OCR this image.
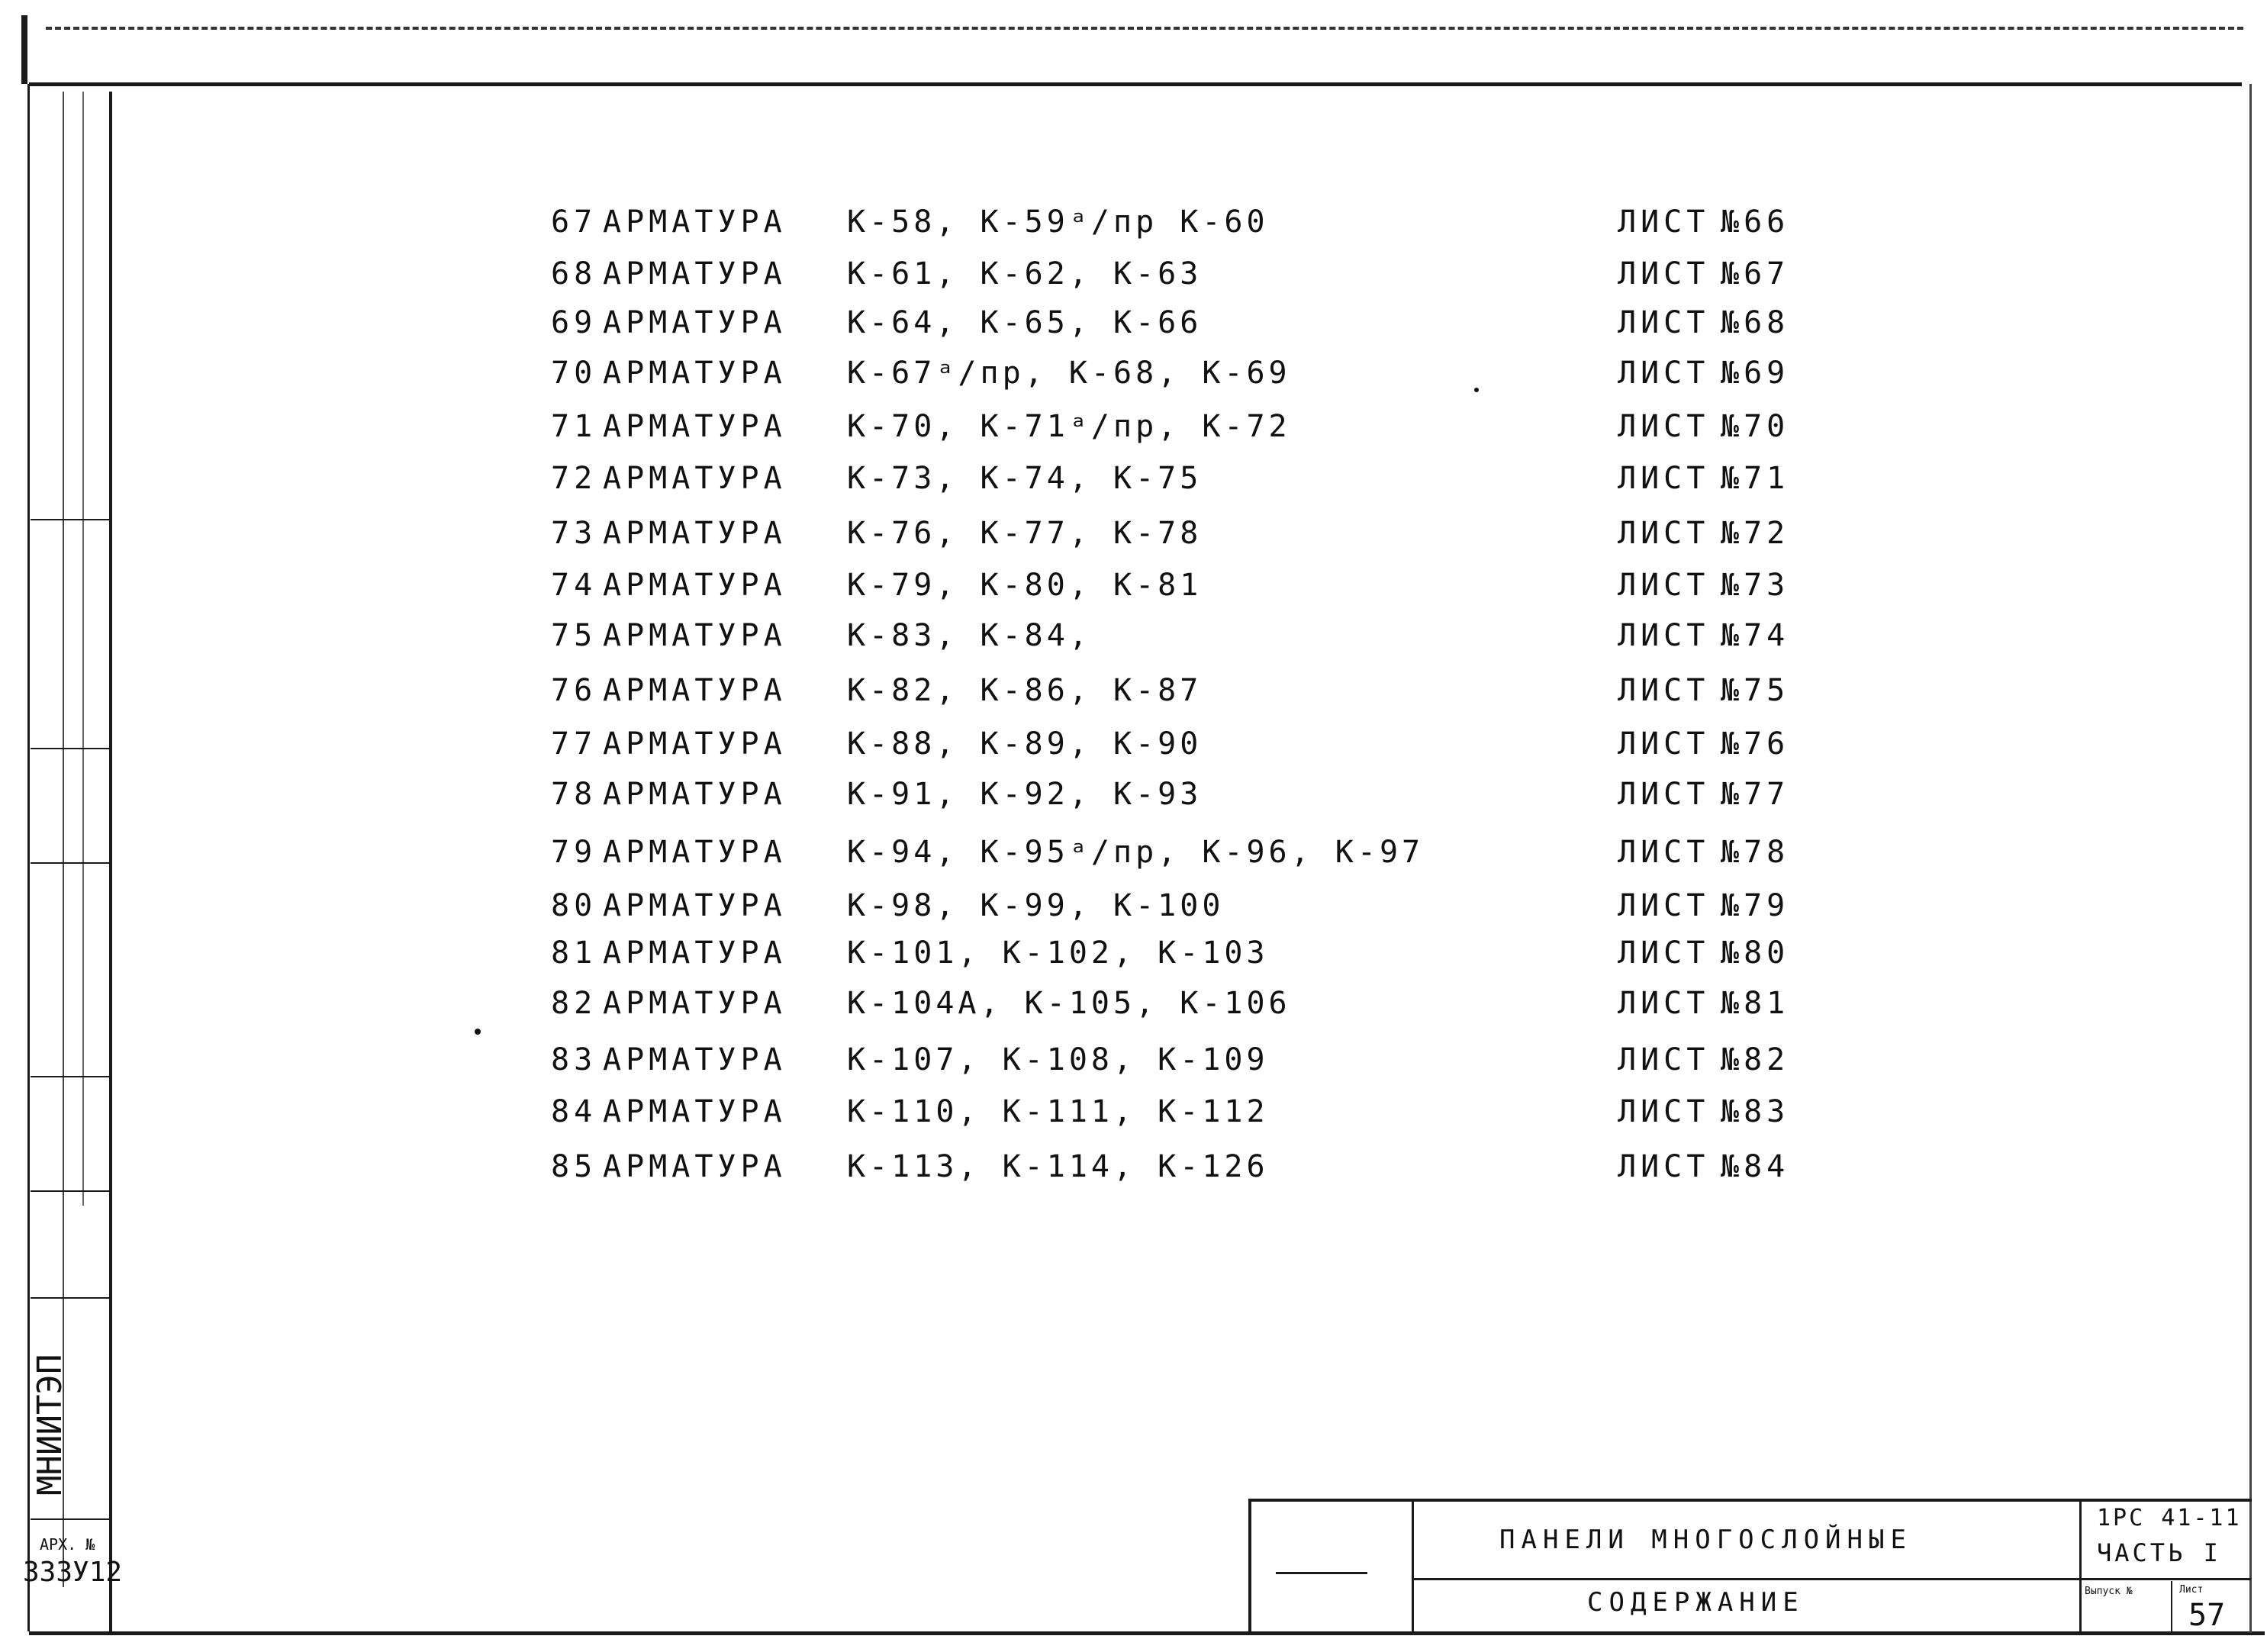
МНИИТЭП
АРХ. №
333У12
67 АРМАТУРА К-58, К-59ᵃ/пр К-60	ЛИСТ №66
68 АРМАТУРА К-61, К-62, К-63	ЛИСТ №67
69 АРМАТУРА К-64, К-65, К-66	ЛИСТ №68
70 АРМАТУРА К-67ᵃ/пр, К-68, К-69	ЛИСТ №69
71 АРМАТУРА К-70, К-71ᵃ/пр, К-72	ЛИСТ №70
72 АРМАТУРА К-73, К-74, К-75	ЛИСТ №71
73 АРМАТУРА К-76, К-77, К-78	ЛИСТ №72
74 АРМАТУРА К-79, К-80, К-81	ЛИСТ №73
75 АРМАТУРА К-83, К-84,	ЛИСТ №74
76 АРМАТУРА К-82, К-86, К-87	ЛИСТ №75
77 АРМАТУРА К-88, К-89, К-90	ЛИСТ №76
78 АРМАТУРА К-91, К-92, К-93	ЛИСТ №77
79 АРМАТУРА К-94, К-95ᵃ/пр, К-96, К-97	ЛИСТ №78
80 АРМАТУРА К-98, К-99, К-100	ЛИСТ №79
81 АРМАТУРА К-101, К-102, К-103	ЛИСТ №80
82 АРМАТУРА К-104А, К-105, К-106	ЛИСТ №81
83 АРМАТУРА К-107, К-108, К-109	ЛИСТ №82
84 АРМАТУРА К-110, К-111, К-112	ЛИСТ №83
85 АРМАТУРА К-113, К-114, К-126	ЛИСТ №84
ПАНЕЛИ МНОГОСЛОЙНЫЕ
СОДЕРЖАНИЕ
1РС 41-11
ЧАСТЬ I
Выпуск №	Лист
57
